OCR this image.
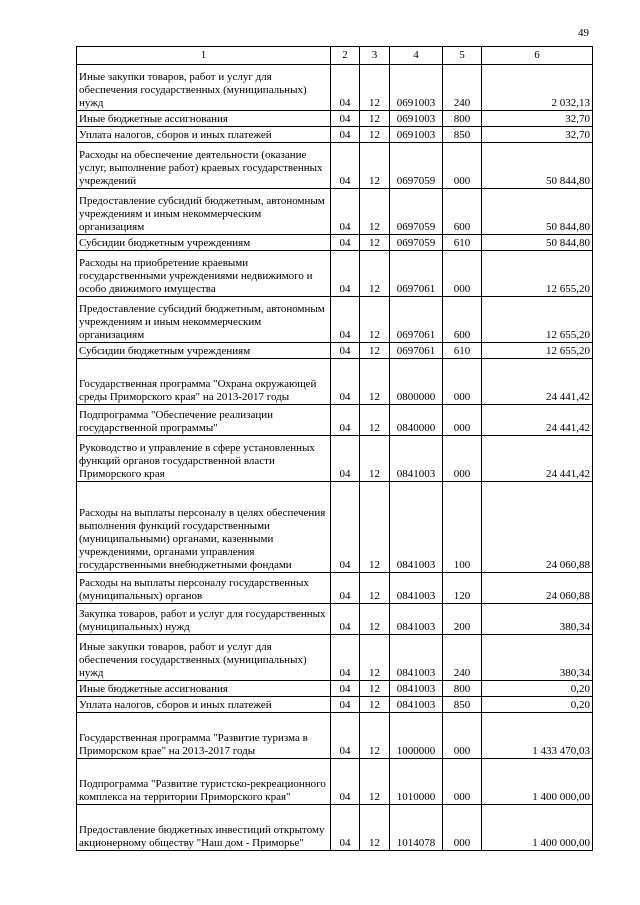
49
1	2	3	4	5	6
Иные закупки товаров, работ и услуг для обеспечения государственных (муниципальных) нужд	04	12	0691003	240	2 032,13
Иные бюджетные ассигнования	04	12	0691003	800	32,70
Уплата налогов, сборов и иных платежей	04	12	0691003	850	32,70
Расходы на обеспечение деятельности (оказание услуг, выполнение работ) краевых государственных учреждений	04	12	0697059	000	50 844,80
Предоставление субсидий бюджетным, автономным учреждениям и иным некоммерческим организациям	04	12	0697059	600	50 844,80
Субсидии бюджетным учреждениям	04	12	0697059	610	50 844,80
Расходы на приобретение краевыми государственными учреждениями недвижимого и особо движимого имущества	04	12	0697061	000	12 655,20
Предоставление субсидий бюджетным, автономным учреждениям и иным некоммерческим организациям	04	12	0697061	600	12 655,20
Субсидии бюджетным учреждениям	04	12	0697061	610	12 655,20
Государственная программа "Охрана окружающей среды Приморского края" на 2013-2017 годы	04	12	0800000	000	24 441,42
Подпрограмма "Обеспечение реализации государственной программы"	04	12	0840000	000	24 441,42
Руководство и управление в сфере установленных функций органов государственной власти Приморского края	04	12	0841003	000	24 441,42
Расходы на выплаты персоналу в целях обеспечения выполнения функций государственными (муниципальными) органами, казенными учреждениями, органами управления государственными внебюджетными фондами	04	12	0841003	100	24 060,88
Расходы на выплаты персоналу государственных (муниципальных) органов	04	12	0841003	120	24 060,88
Закупка товаров, работ и услуг для государственных (муниципальных) нужд	04	12	0841003	200	380,34
Иные закупки товаров, работ и услуг для обеспечения государственных (муниципальных) нужд	04	12	0841003	240	380,34
Иные бюджетные ассигнования	04	12	0841003	800	0,20
Уплата налогов, сборов и иных платежей	04	12	0841003	850	0,20
Государственная программа "Развитие туризма в Приморском крае" на 2013-2017 годы	04	12	1000000	000	1 433 470,03
Подпрограмма "Развитие туристско-рекреационного комплекса на территории Приморского края"	04	12	1010000	000	1 400 000,00
Предоставление бюджетных инвестиций открытому акционерному обществу "Наш дом - Приморье"	04	12	1014078	000	1 400 000,00
